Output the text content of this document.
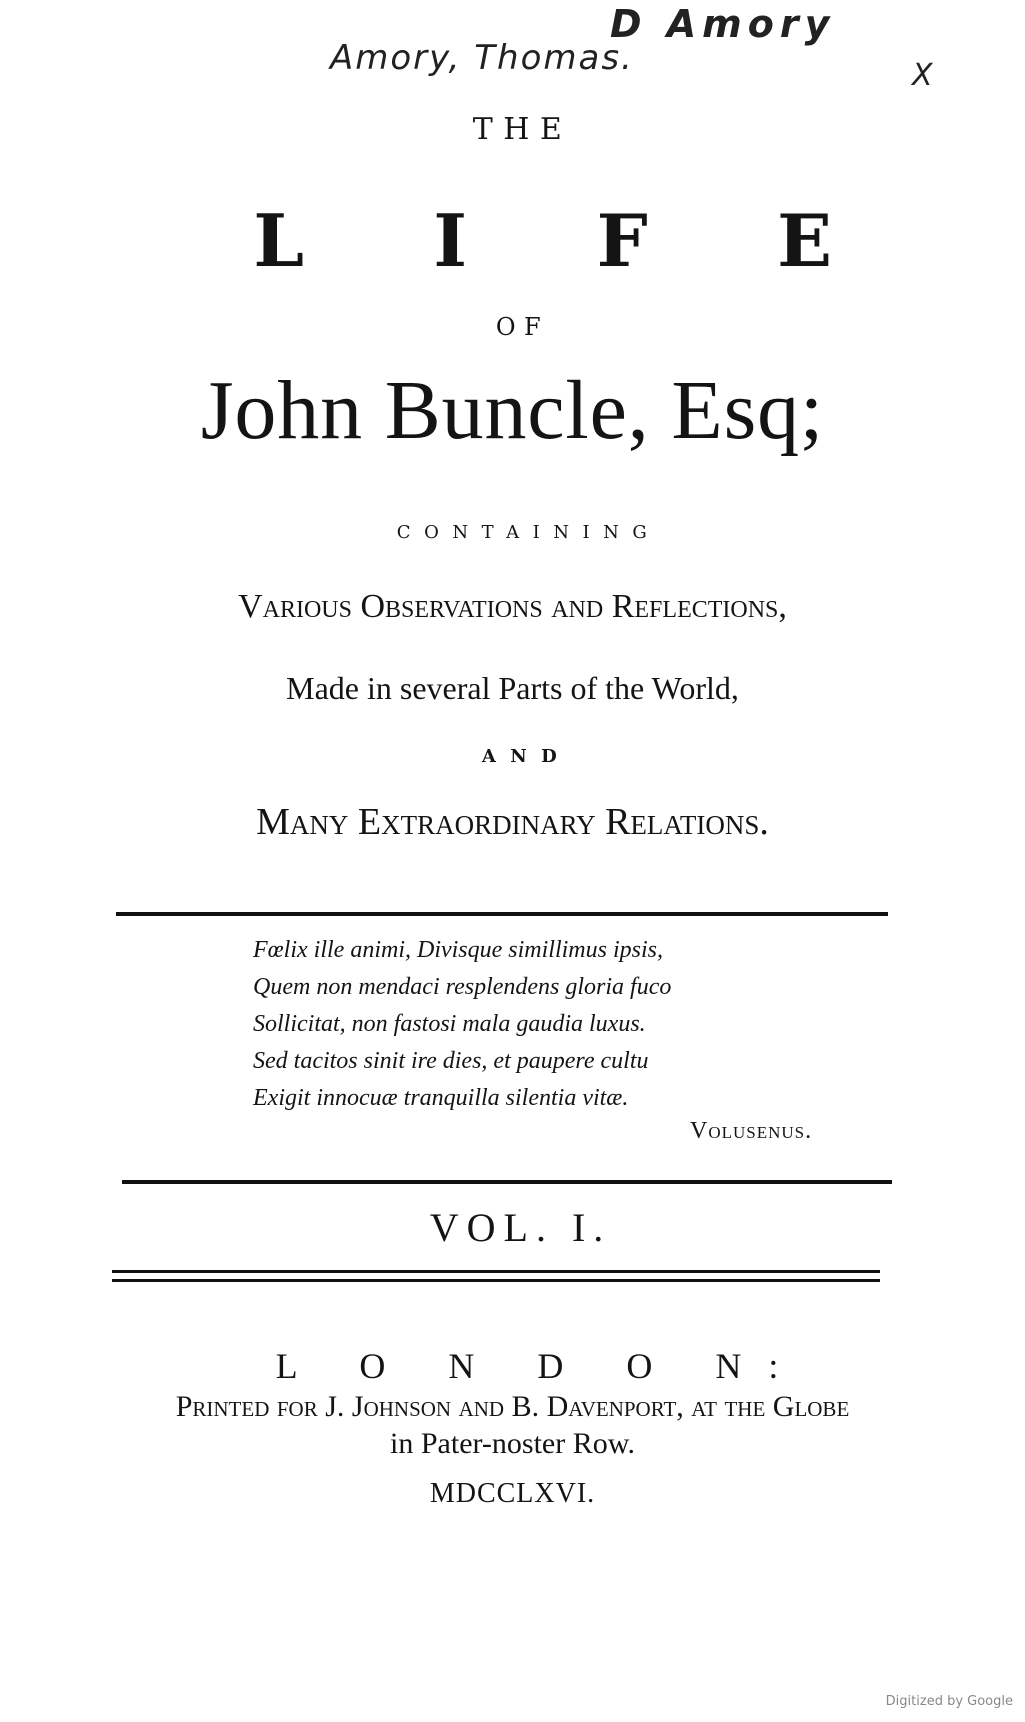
Amory, Thomas.
D Amory
X
THE
L I F E
OF
John Buncle, Esq;
CONTAINING
Various Observations and Reflections,
Made in several Parts of the World,
AND
Many Extraordinary Relations.
Fœlix ille animi, Divisque simillimus ipsis,
Quem non mendaci resplendens gloria fuco
Sollicitat, non fastosi mala gaudia luxus.
Sed tacitos sinit ire dies, et paupere cultu
Exigit innocuæ tranquilla silentia vitæ.
Volusenus.
VOL. I.
L O N D O N:
Printed for J. Johnson and B. Davenport, at the Globe
in Pater-noster Row.
MDCCLXVI.
Digitized by Google
